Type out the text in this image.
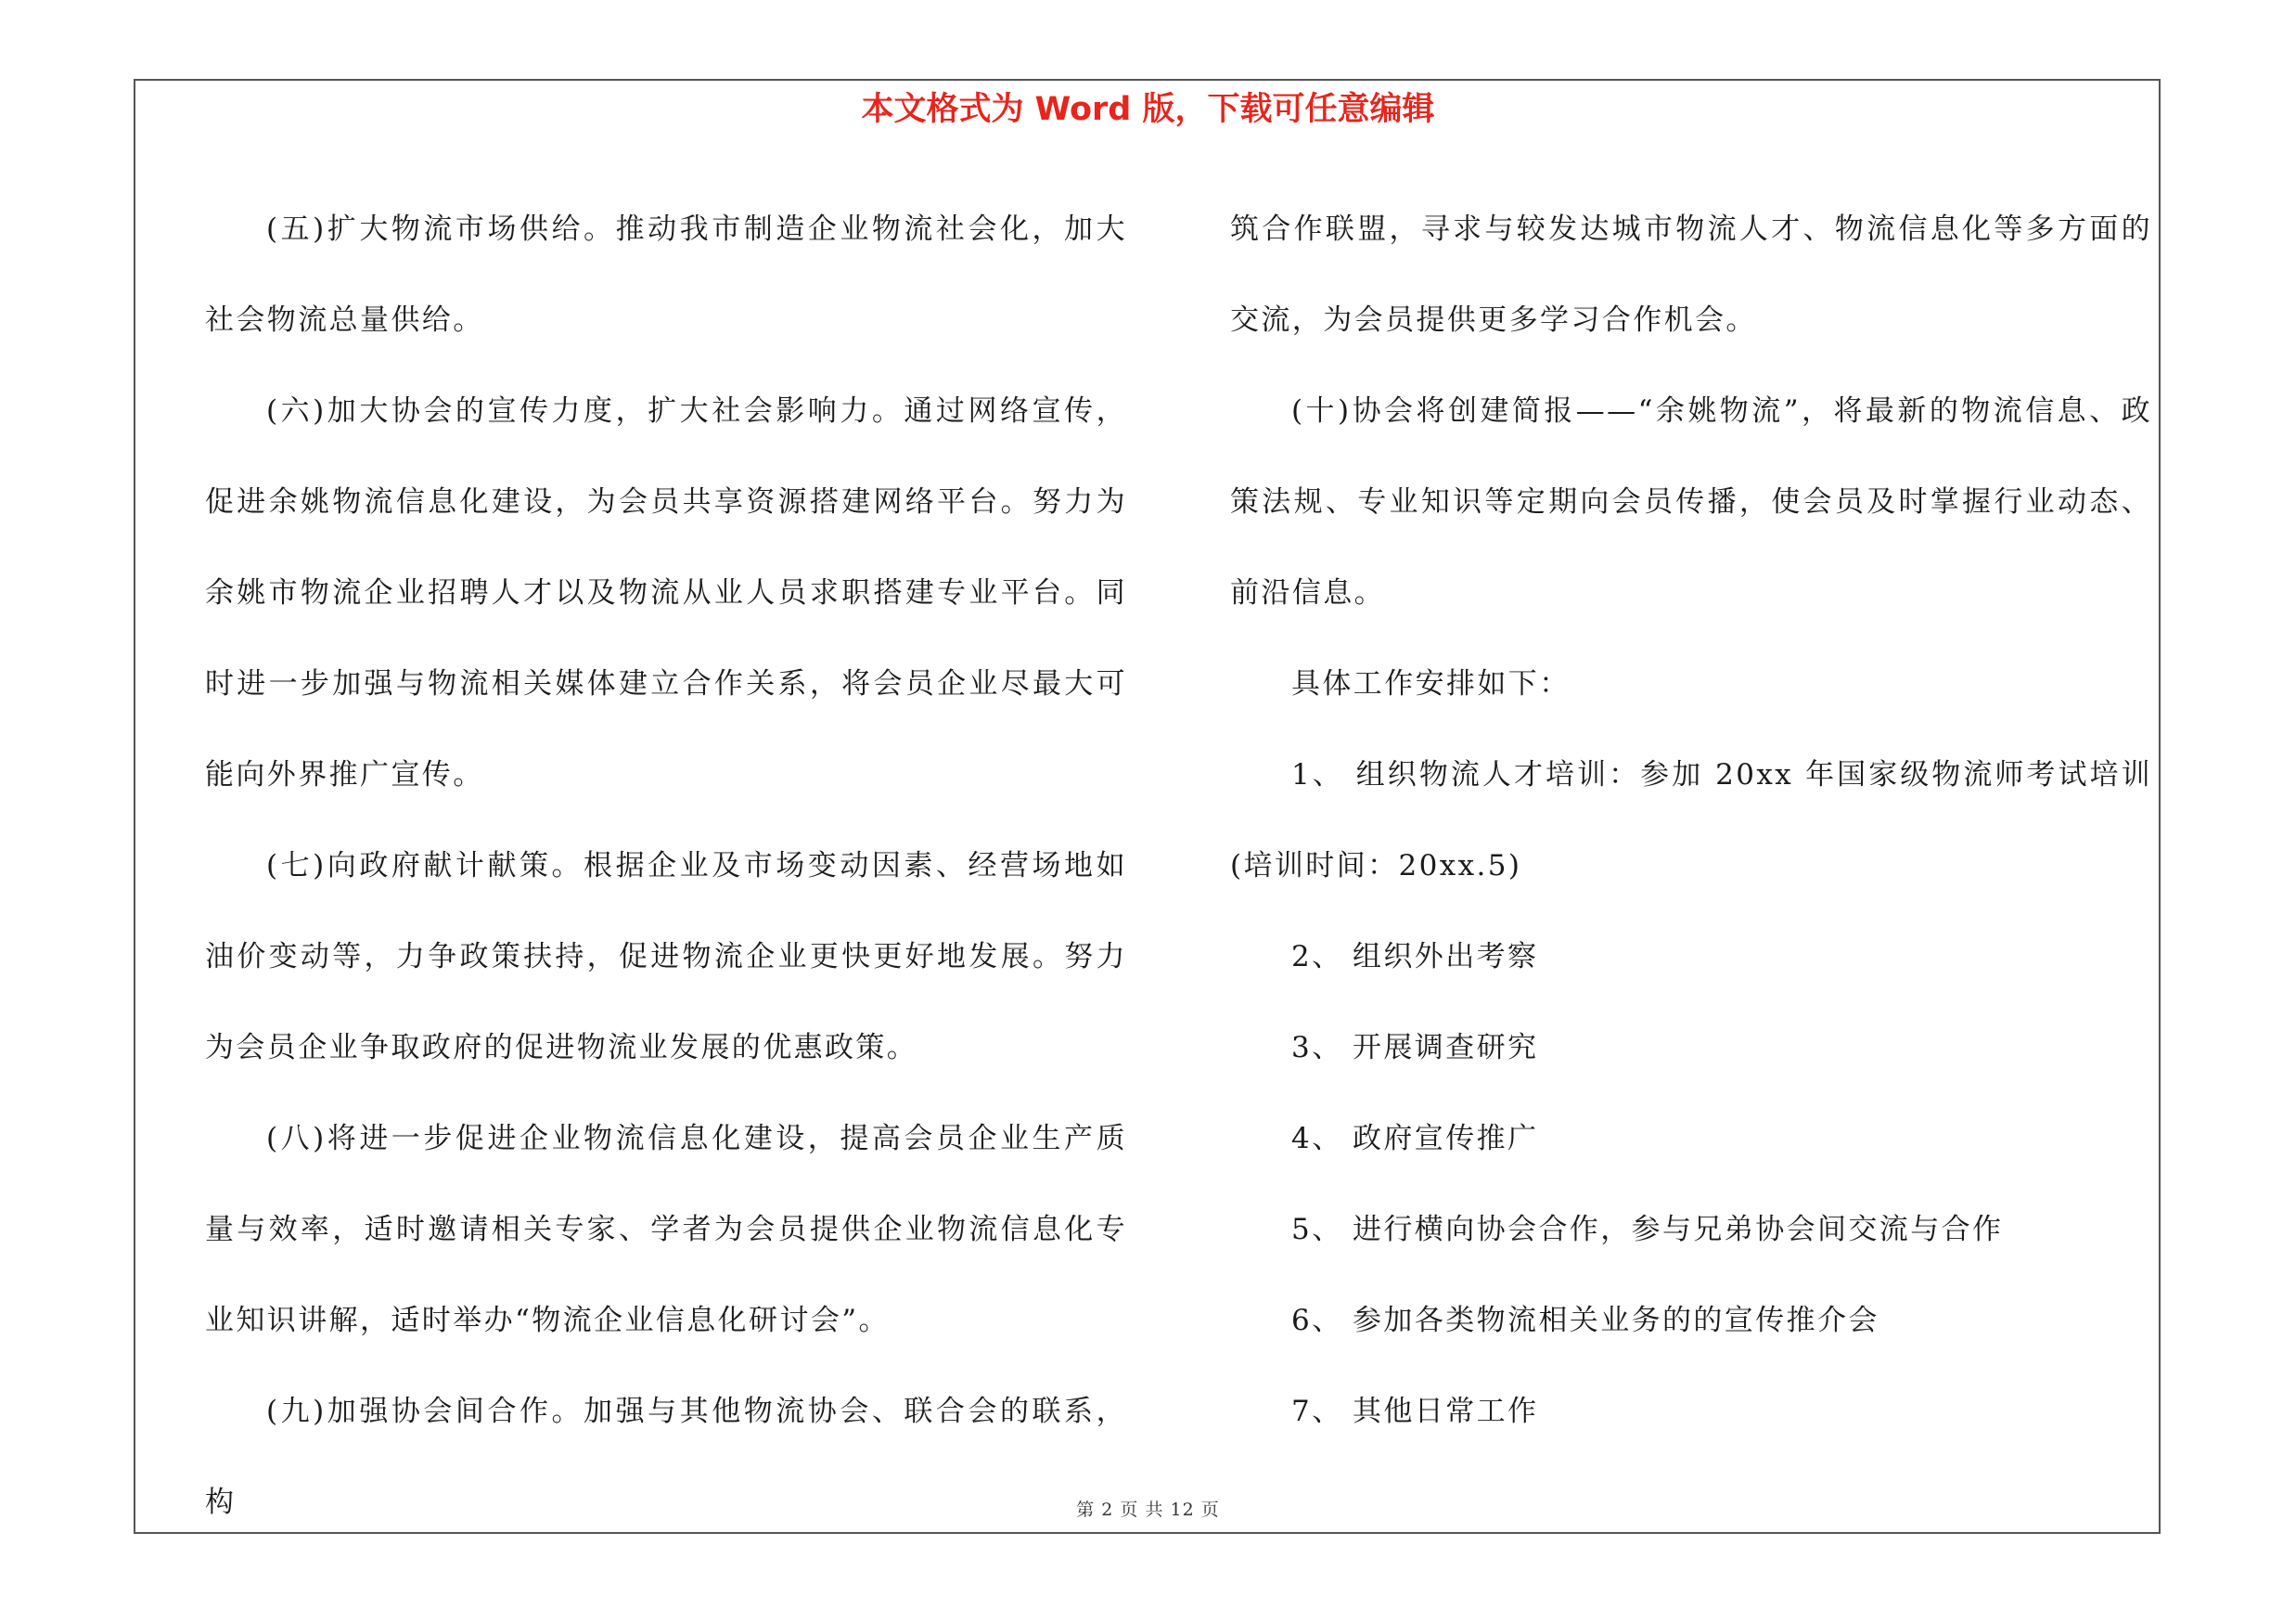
本文格式为 Word 版，下载可任意编辑

(五)扩大物流市场供给。推动我市制造企业物流社会化，加大社会物流总量供给。

(六)加大协会的宣传力度，扩大社会影响力。通过网络宣传，促进余姚物流信息化建设，为会员共享资源搭建网络平台。努力为余姚市物流企业招聘人才以及物流从业人员求职搭建专业平台。同时进一步加强与物流相关媒体建立合作关系，将会员企业尽最大可能向外界推广宣传。

(七)向政府献计献策。根据企业及市场变动因素、经营场地如油价变动等，力争政策扶持，促进物流企业更快更好地发展。努力为会员企业争取政府的促进物流业发展的优惠政策。

(八)将进一步促进企业物流信息化建设，提高会员企业生产质量与效率，适时邀请相关专家、学者为会员提供企业物流信息化专业知识讲解，适时举办“物流企业信息化研讨会”。

(九)加强协会间合作。加强与其他物流协会、联合会的联系，构

筑合作联盟，寻求与较发达城市物流人才、物流信息化等多方面的交流，为会员提供更多学习合作机会。

(十)协会将创建简报——“余姚物流”，将最新的物流信息、政策法规、专业知识等定期向会员传播，使会员及时掌握行业动态、前沿信息。

具体工作安排如下：

1、 组织物流人才培训：参加 20xx 年国家级物流师考试培训(培训时间：20xx.5)

2、 组织外出考察

3、 开展调查研究

4、 政府宣传推广

5、 进行横向协会合作，参与兄弟协会间交流与合作

6、 参加各类物流相关业务的的宣传推介会

7、 其他日常工作

第 2 页 共 12 页
